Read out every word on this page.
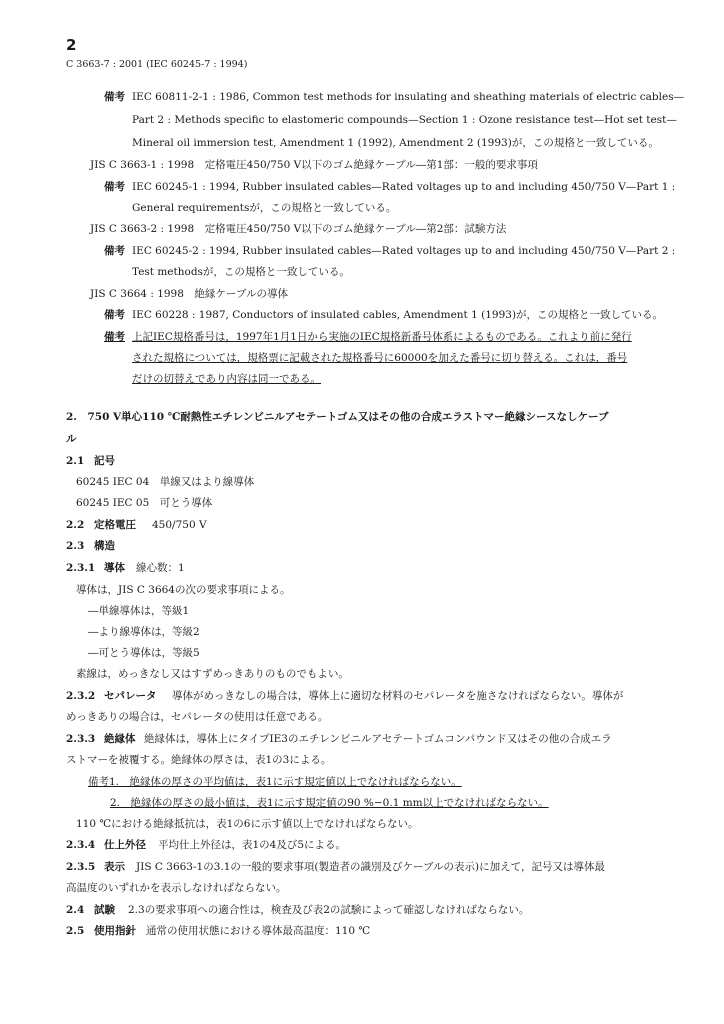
2
C 3663-7 : 2001 (IEC 60245-7 : 1994)
備考 IEC 60811-2-1 : 1986, Common test methods for insulating and sheathing materials of electric cables—
Part 2 : Methods specific to elastomeric compounds—Section 1 : Ozone resistance test—Hot set test—
Mineral oil immersion test, Amendment 1 (1992), Amendment 2 (1993)が，この規格と一致している。
JIS C 3663-1 : 1998　定格電圧450/750 V以下のゴム絶縁ケーブル―第1部：一般的要求事項
備考 IEC 60245-1 : 1994, Rubber insulated cables—Rated voltages up to and including 450/750 V—Part 1 :
General requirementsが，この規格と一致している。
JIS C 3663-2 : 1998　定格電圧450/750 V以下のゴム絶縁ケーブル―第2部：試験方法
備考 IEC 60245-2 : 1994, Rubber insulated cables—Rated voltages up to and including 450/750 V—Part 2 :
Test methodsが，この規格と一致している。
JIS C 3664 : 1998　絶縁ケーブルの導体
備考 IEC 60228 : 1987, Conductors of insulated cables, Amendment 1 (1993)が，この規格と一致している。
備考 上記IEC規格番号は，1997年1月1日から実施のIEC規格新番号体系によるものである。これより前に発行
された規格については，規格票に記載された規格番号に60000を加えた番号に切り替える。これは，番号
だけの切替えであり内容は同一である。
2.　750 V単心110 ℃耐熱性エチレンビニルアセテートゴム又はその他の合成エラストマー絶縁シースなしケーブ
ル
2.1 記号
60245 IEC 04　単線又はより線導体
60245 IEC 05　可とう導体
2.2 定格電圧 450/750 V
2.3 構造
2.3.1 導体 線心数：1
導体は，JIS C 3664の次の要求事項による。
―単線導体は，等級1
―より線導体は，等級2
―可とう導体は，等級5
素線は，めっきなし又はすずめっきありのものでもよい。
2.3.2 セパレータ 導体がめっきなしの場合は，導体上に適切な材料のセパレータを施さなければならない。導体が
めっきありの場合は，セパレータの使用は任意である。
2.3.3 絶縁体 絶縁体は，導体上にタイプIE3のエチレンビニルアセテートゴムコンパウンド又はその他の合成エラ
ストマーを被覆する。絶縁体の厚さは，表1の3による。
備考1.　絶縁体の厚さの平均値は，表1に示す規定値以上でなければならない。
2.　絶縁体の厚さの最小値は，表1に示す規定値の90 %−0.1 mm以上でなければならない。
110 ℃における絶縁抵抗は，表1の6に示す値以上でなければならない。
2.3.4 仕上外径 平均仕上外径は，表1の4及び5による。
2.3.5 表示 JIS C 3663-1の3.1の一般的要求事項(製造者の識別及びケーブルの表示)に加えて，記号又は導体最
高温度のいずれかを表示しなければならない。
2.4 試験 2.3の要求事項への適合性は，検査及び表2の試験によって確認しなければならない。
2.5 使用指針 通常の使用状態における導体最高温度：110 ℃
